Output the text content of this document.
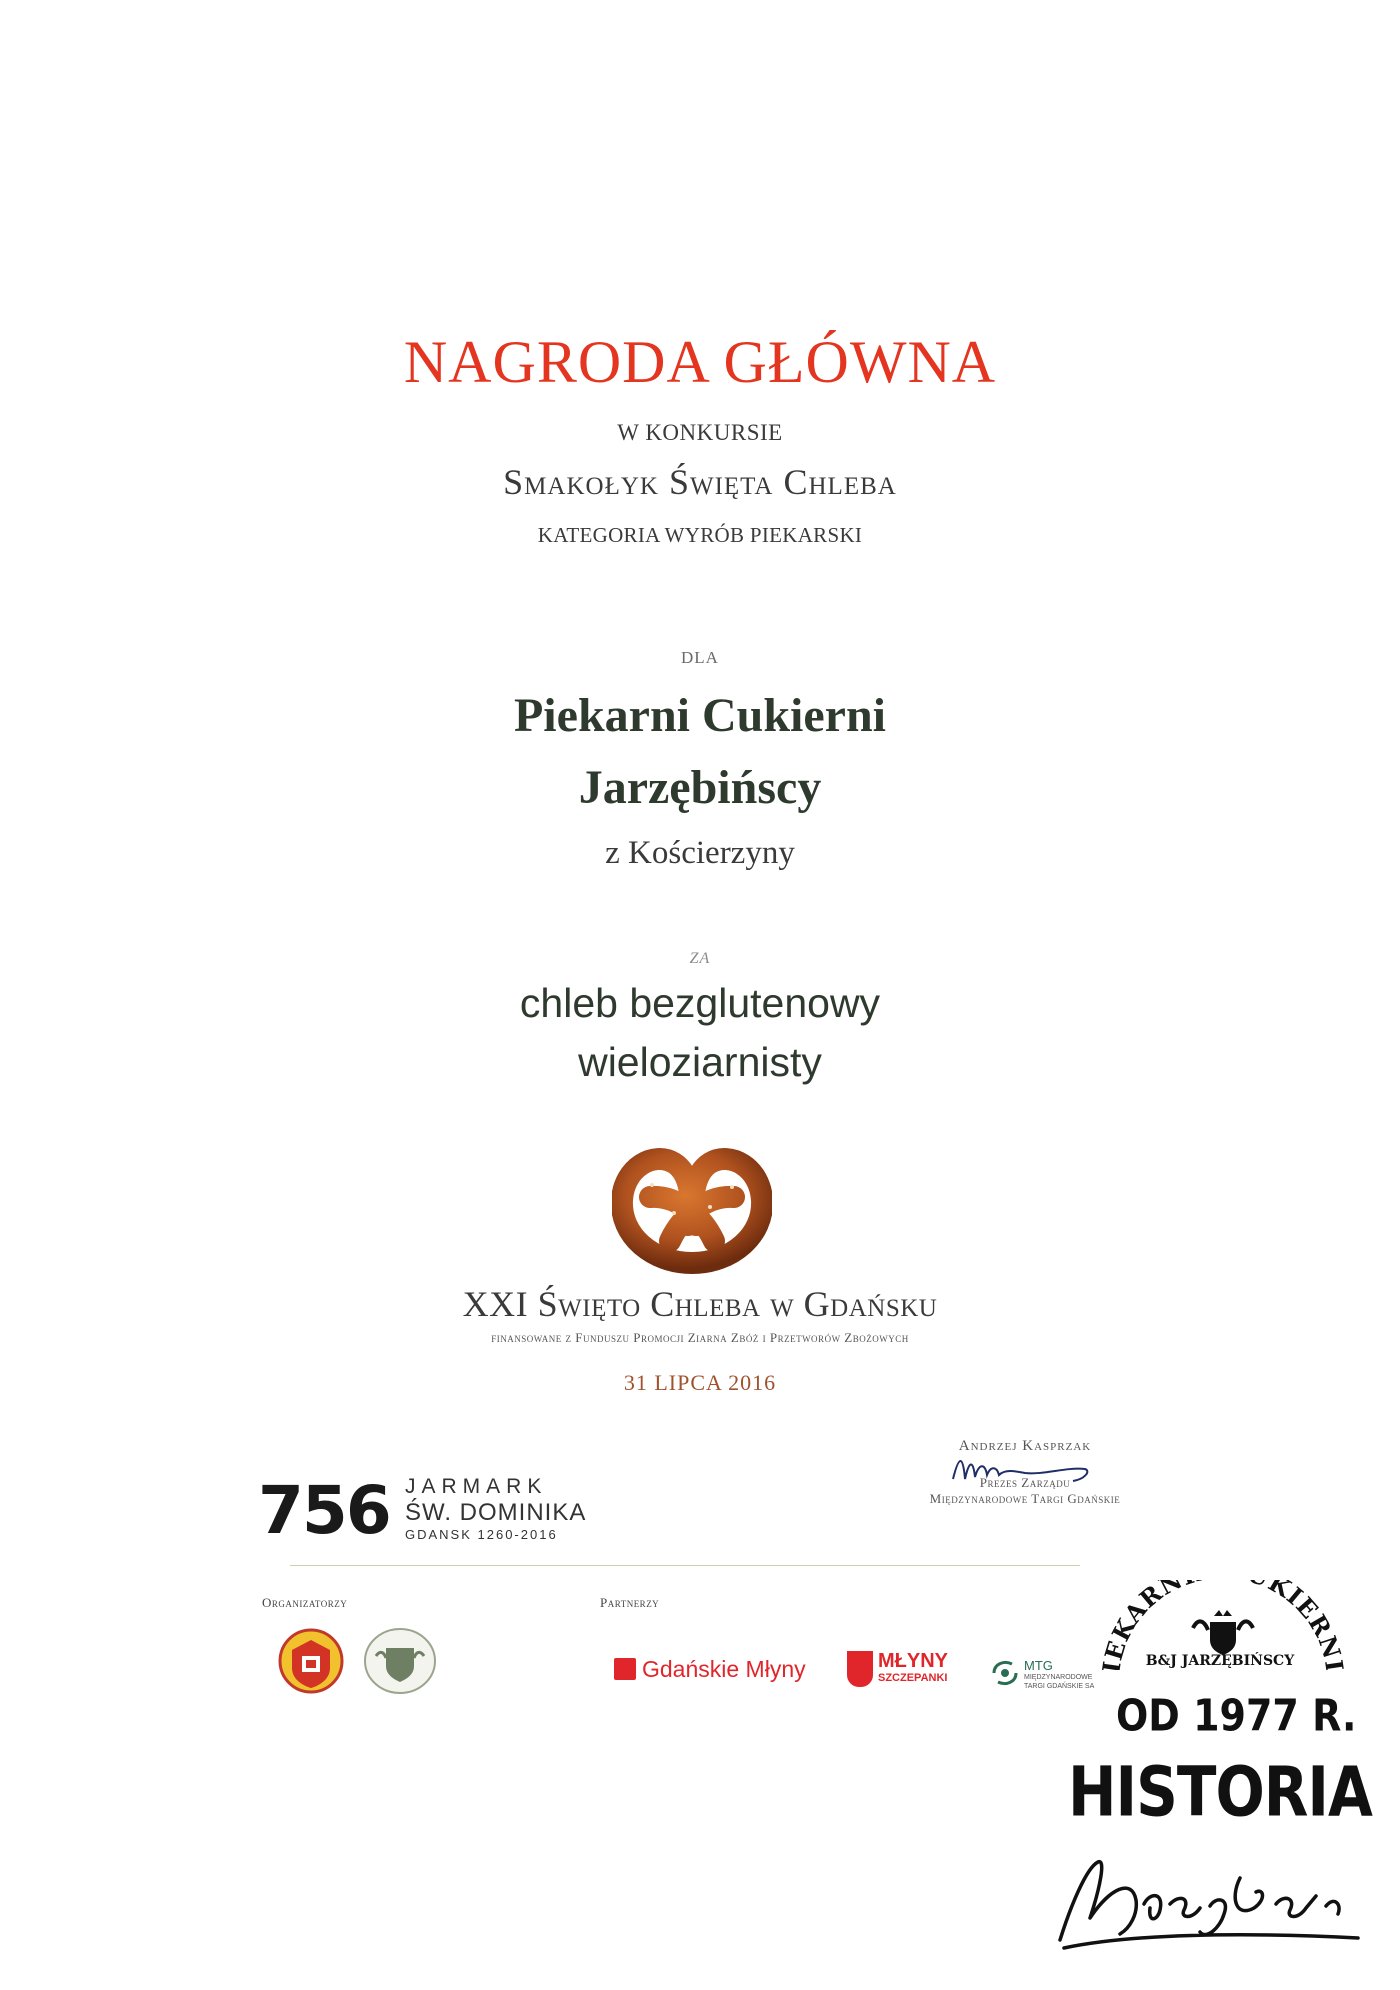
NAGRODA GŁÓWNA
W KONKURSIE
Smakołyk Święta Chleba
KATEGORIA WYRÓB PIEKARSKI
DLA
Piekarni Cukierni
Jarzębińscy
z Kościerzyny
ZA
chleb bezglutenowy
wieloziarnisty
XXI Święto Chleba w Gdańsku
finansowane z Funduszu Promocji Ziarna Zbóż i Przetworów Zbożowych
31 LIPCA 2016
Andrzej Kasprzak
Prezes Zarządu
Międzynarodowe Targi Gdańskie
756 JARMARK
ŚW. DOMINIKA
GDANSK 1260-2016
Organizatorzy	Partnerzy
Gdańskie Młyny	MŁYNY
SZCZEPANKI
MTG
MIĘDZYNARODOWE TARGI GDAŃSKIE SA
IEKARN KIERNI
B&J JARZĘBIŃSCY
OD 1977 R.
HISTORIA
